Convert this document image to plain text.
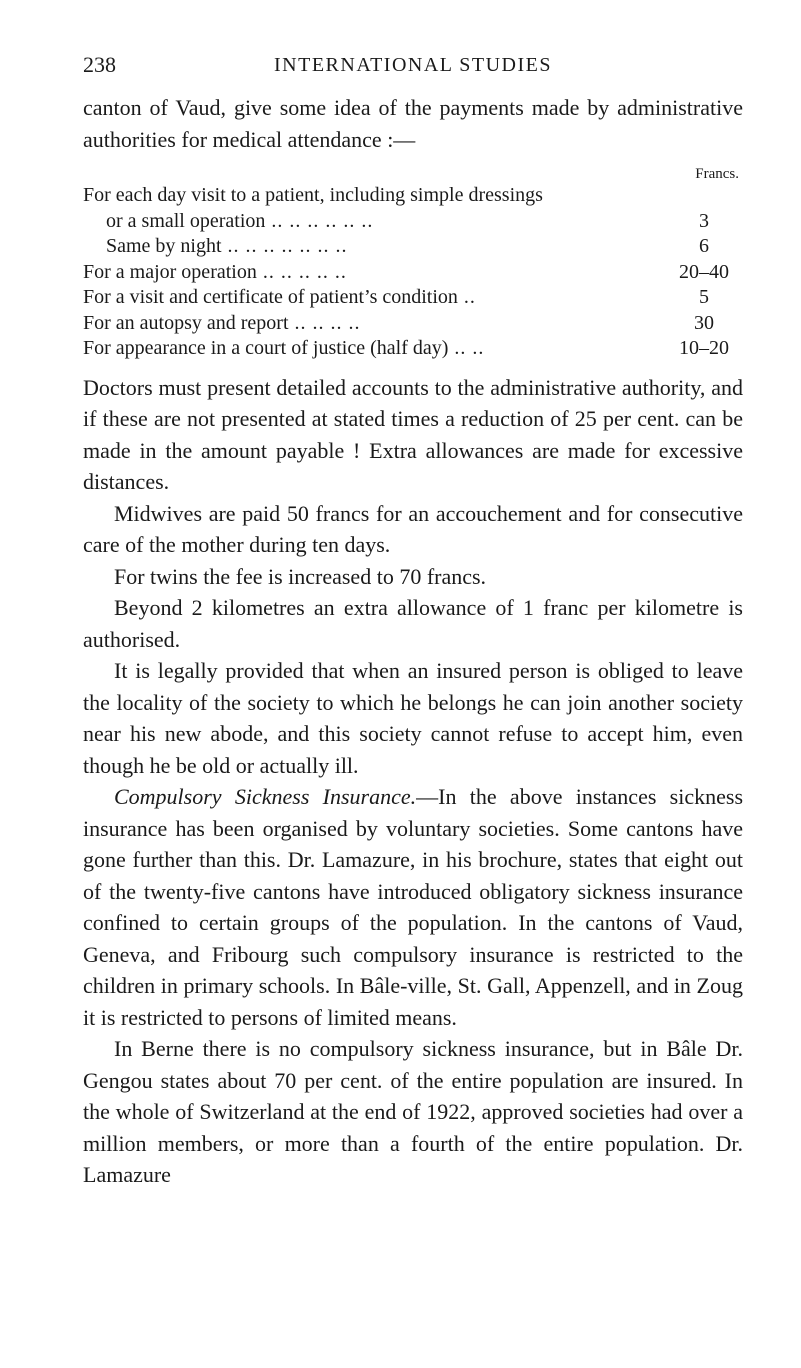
238	INTERNATIONAL STUDIES

canton of Vaud, give some idea of the payments made by administrative authorities for medical attendance :—

Francs.
For each day visit to a patient, including simple dressings
or a small operation .. .. .. .. .. ..	3
Same by night .. .. .. .. .. .. ..	6
For a major operation .. .. .. .. ..	20–40
For a visit and certificate of patient’s condition ..	5
For an autopsy and report .. .. .. ..	30
For appearance in a court of justice (half day) .. ..	10–20

Doctors must present detailed accounts to the administrative authority, and if these are not presented at stated times a reduction of 25 per cent. can be made in the amount payable ! Extra allowances are made for excessive distances.

Midwives are paid 50 francs for an accouchement and for consecutive care of the mother during ten days.

For twins the fee is increased to 70 francs.

Beyond 2 kilometres an extra allowance of 1 franc per kilometre is authorised.

It is legally provided that when an insured person is obliged to leave the locality of the society to which he belongs he can join another society near his new abode, and this society cannot refuse to accept him, even though he be old or actually ill.

Compulsory Sickness Insurance.—In the above instances sickness insurance has been organised by voluntary societies. Some cantons have gone further than this. Dr. Lamazure, in his brochure, states that eight out of the twenty-five cantons have introduced obligatory sickness insurance confined to certain groups of the population. In the cantons of Vaud, Geneva, and Fribourg such compulsory insurance is restricted to the children in primary schools. In Bâle-ville, St. Gall, Appenzell, and in Zoug it is restricted to persons of limited means.

In Berne there is no compulsory sickness insurance, but in Bâle Dr. Gengou states about 70 per cent. of the entire population are insured. In the whole of Switzerland at the end of 1922, approved societies had over a million members, or more than a fourth of the entire population. Dr. Lamazure
